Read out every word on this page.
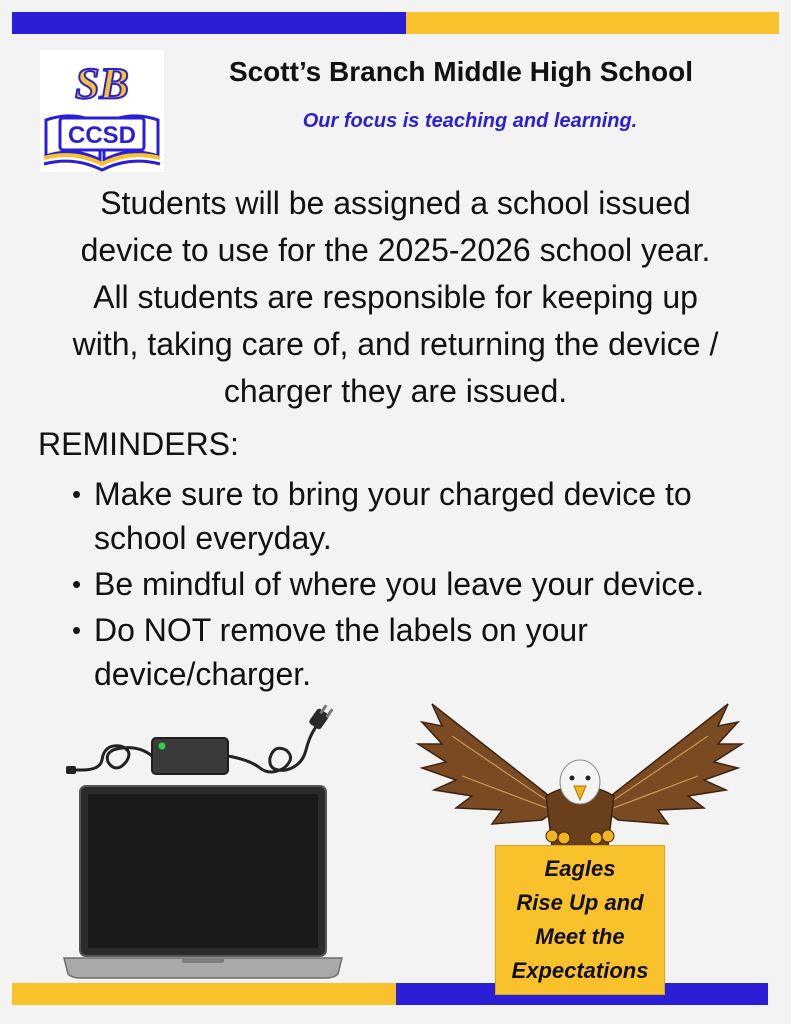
SB
CCSD
Scott’s Branch Middle High School
Our focus is teaching and learning.
Students will be assigned a school issued
device to use for the 2025-2026 school year.
All students are responsible for keeping up
with, taking care of, and returning the device /
charger they are issued.
REMINDERS:
• Make sure to bring your charged device to
school everyday.
• Be mindful of where you leave your device.
• Do NOT remove the labels on your
device/charger.
Eagles
Rise Up and
Meet the
Expectations
